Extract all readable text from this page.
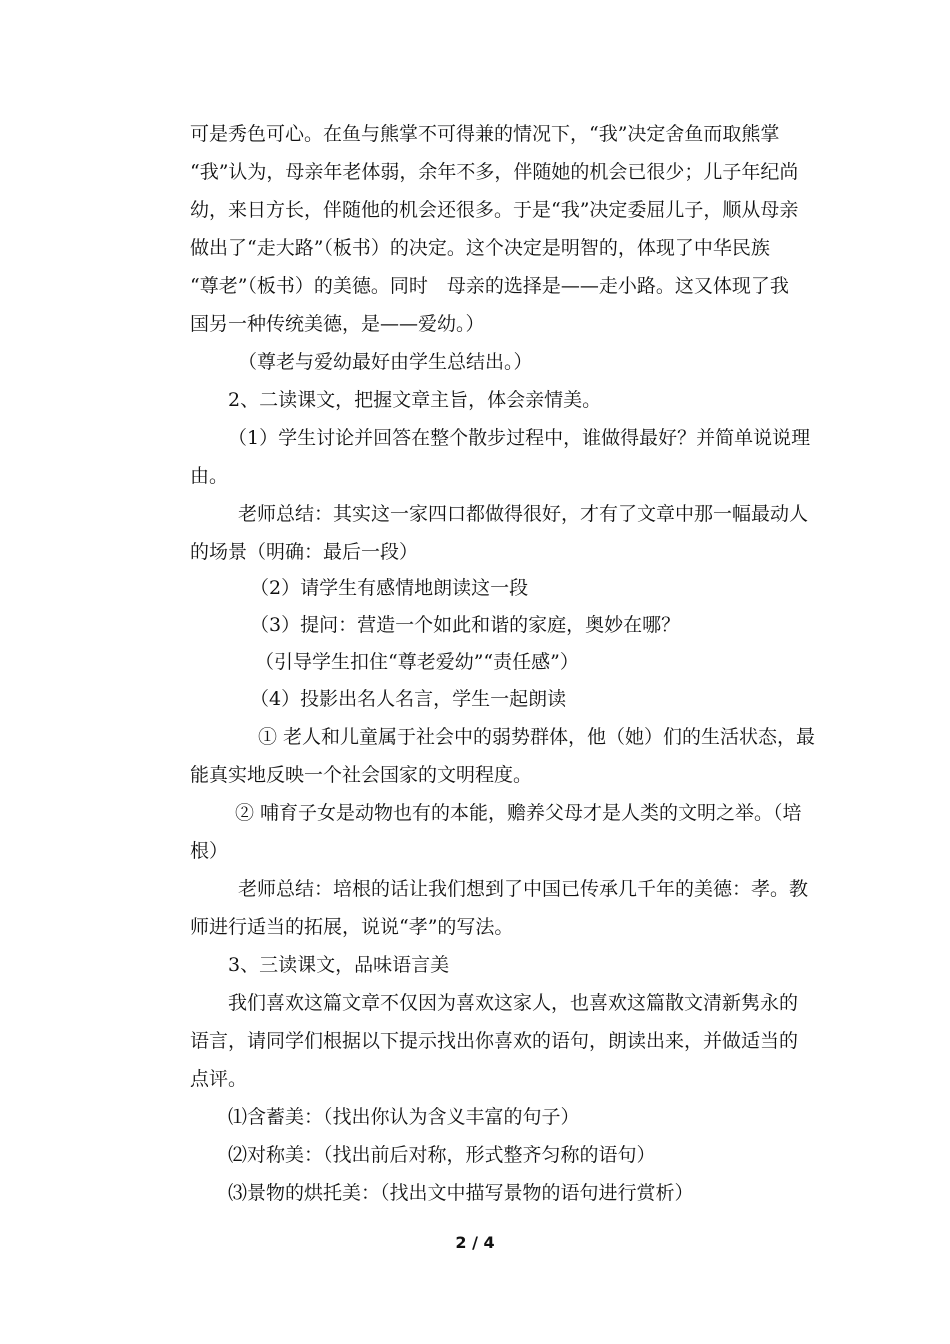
可是秀色可心。在鱼与熊掌不可得兼的情况下，“我”决定舍鱼而取熊掌
“我”认为，母亲年老体弱，余年不多，伴随她的机会已很少；儿子年纪尚
幼，来日方长，伴随他的机会还很多。于是“我”决定委屈儿子，顺从母亲
做出了“走大路”（板书）的决定。这个决定是明智的，体现了中华民族
“尊老”（板书）的美德。同时　母亲的选择是——走小路。这又体现了我
国另一种传统美德，是——爱幼。）
（尊老与爱幼最好由学生总结出。）
2、二读课文，把握文章主旨，体会亲情美。
（1）学生讨论并回答在整个散步过程中，谁做得最好？并简单说说理
由。
老师总结：其实这一家四口都做得很好，才有了文章中那一幅最动人
的场景（明确：最后一段）
（2）请学生有感情地朗读这一段
（3）提问：营造一个如此和谐的家庭，奥妙在哪？
（引导学生扣住“尊老爱幼”“责任感”）
（4）投影出名人名言，学生一起朗读
① 老人和儿童属于社会中的弱势群体，他（她）们的生活状态，最
能真实地反映一个社会国家的文明程度。
② 哺育子女是动物也有的本能，赡养父母才是人类的文明之举。（培
根）
老师总结：培根的话让我们想到了中国已传承几千年的美德：孝。教
师进行适当的拓展，说说“孝”的写法。
3、三读课文，品味语言美
我们喜欢这篇文章不仅因为喜欢这家人，也喜欢这篇散文清新隽永的
语言，请同学们根据以下提示找出你喜欢的语句，朗读出来，并做适当的
点评。
⑴含蓄美：（找出你认为含义丰富的句子）
⑵对称美：（找出前后对称，形式整齐匀称的语句）
⑶景物的烘托美：（找出文中描写景物的语句进行赏析）
2 / 4
